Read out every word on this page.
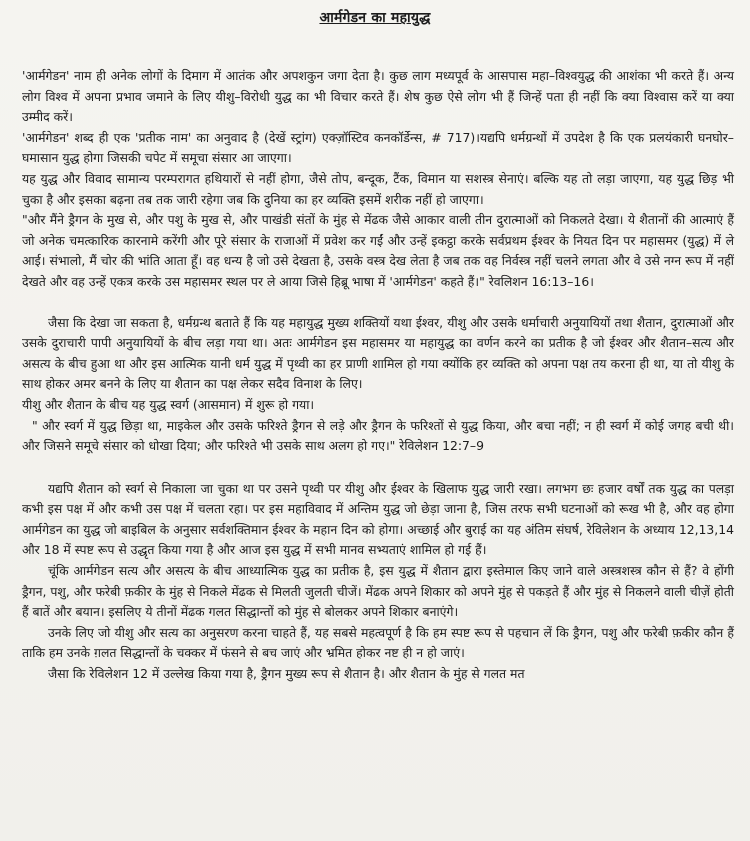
आर्मगेडन का महायुद्ध

'आर्मगेडन' नाम ही अनेक लोगों के दिमाग में आतंक और अपशकुन जगा देता है। कुछ लाग मध्यपूर्व के आसपास महा–विश्वयुद्ध की आशंका भी करते हैं। अन्य लोग विश्व में अपना प्रभाव जमाने के लिए यीशु–विरोधी युद्ध का भी विचार करते हैं। शेष कुछ ऐसे लोग भी हैं जिन्हें पता ही नहीं कि क्या विश्वास करें या क्या उम्मीद करें।

'आर्मगेडन' शब्द ही एक 'प्रतीक नाम' का अनुवाद है (देखें स्ट्रांग) एक्ज़ॉस्टिव कनकॉर्डेन्स, # 717)।यद्यपि धर्मग्रन्थों में उपदेश है कि एक प्रलयंकारी घनघोर–घमासान युद्ध होगा जिसकी चपेट में समूचा संसार आ जाएगा।

यह युद्ध और विवाद सामान्य परम्परागत हथियारों से नहीं होगा, जैसे तोप, बन्दूक, टैंक, विमान या सशस्त्र सेनाएं। बल्कि यह तो लड़ा जाएगा, यह युद्ध छिड़ भी चुका है और इसका बढ़ना तब तक जारी रहेगा जब कि दुनिया का हर व्यक्ति इसमें शरीक नहीं हो जाएगा।

"और मैंने ड्रैगन के मुख से, और पशु के मुख से, और पाखंडी संतों के मुंह से मेंढक जैसे आकार वाली तीन दुरात्माओं को निकलते देखा। ये शैतानों की आत्माएं हैं जो अनेक चमत्कारिक कारनामे करेंगी और पूरे संसार के राजाओं में प्रवेश कर गईं और उन्हें इकट्ठा करके सर्वप्रथम ईश्वर के नियत दिन पर महासमर (युद्ध) में ले आई। संभालो, मैं चोर की भांति आता हूँ। वह धन्य है जो उसे देखता है, उसके वस्त्र देख लेता है जब तक वह निर्वस्त्र नहीं चलने लगता और वे उसे नग्न रूप में नहीं देखते और वह उन्हें एकत्र करके उस महासमर स्थल पर ले आया जिसे हिब्रू भाषा में 'आर्मगेडन' कहते हैं।" रेवलिशन 16:13–16।

जैसा कि देखा जा सकता है, धर्मग्रन्थ बताते हैं कि यह महायुद्ध मुख्य शक्तियों यथा ईश्वर, यीशु और उसके धर्माचारी अनुयायियों तथा शैतान, दुरात्माओं और उसके दुराचारी पापी अनुयायियों के बीच लड़ा गया था। अतः आर्मगेडन इस महासमर या महायुद्ध का वर्णन करने का प्रतीक है जो ईश्वर और शैतान–सत्य और असत्य के बीच हुआ था और इस आत्मिक यानी धर्म युद्ध में पृथ्वी का हर प्राणी शामिल हो गया क्योंकि हर व्यक्ति को अपना पक्ष तय करना ही था, या तो यीशु के साथ होकर अमर बनने के लिए या शैतान का पक्ष लेकर सदैव विनाश के लिए।

यीशु और शैतान के बीच यह युद्ध स्वर्ग (आसमान) में शुरू हो गया।

" और स्वर्ग में युद्ध छिड़ा था, माइकेल और उसके फरिश्ते ड्रैगन से लड़े और ड्रैगन के फरिश्तों से युद्ध किया, और बचा नहीं; न ही स्वर्ग में कोई जगह बची थी। और जिसने समूचे संसार को धोखा दिया; और फरिश्ते भी उसके साथ अलग हो गए।" रेविलेशन 12:7–9

यद्यपि शैतान को स्वर्ग से निकाला जा चुका था पर उसने पृथ्वी पर यीशु और ईश्वर के खिलाफ युद्ध जारी रखा। लगभग छः हजार वर्षों तक युद्ध का पलड़ा कभी इस पक्ष में और कभी उस पक्ष में चलता रहा। पर इस महाविवाद में अन्तिम युद्ध जो छेड़ा जाना है, जिस तरफ सभी घटनाओं को रूख भी है, और वह होगा आर्मगेडन का युद्ध जो बाइबिल के अनुसार सर्वशक्तिमान ईश्वर के महान दिन को होगा। अच्छाई और बुराई का यह अंतिम संघर्ष, रेविलेशन के अध्याय 12,13,14 और 18 में स्पष्ट रूप से उद्धृत किया गया है और आज इस युद्ध में सभी मानव सभ्यताएं शामिल हो गई हैं।

चूंकि आर्मगेडन सत्य और असत्य के बीच आध्यात्मिक युद्ध का प्रतीक है, इस युद्ध में शैतान द्वारा इस्तेमाल किए जाने वाले अस्त्रशस्त्र कौन से हैं? वे होंगी ड्रैगन, पशु, और फरेबी फ़कीर के मुंह से निकले मेंढक से मिलती जुलती चीजें। मेंढक अपने शिकार को अपने मुंह से पकड़ते हैं और मुंह से निकलने वाली चीज़ें होती हैं बातें और बयान। इसलिए ये तीनों मेंढक गलत सिद्धान्तों को मुंह से बोलकर अपने शिकार बनाएंगे।

उनके लिए जो यीशु और सत्य का अनुसरण करना चाहते हैं, यह सबसे महत्वपूर्ण है कि हम स्पष्ट रूप से पहचान लें कि ड्रैगन, पशु और फरेबी फ़कीर कौन हैं ताकि हम उनके ग़लत सिद्धान्तों के चक्कर में फंसने से बच जाएं और भ्रमित होकर नष्ट ही न हो जाएं।

जैसा कि रेविलेशन 12 में उल्लेख किया गया है, ड्रैगन मुख्य रूप से शैतान है। और शैतान के मुंह से गलत मत
